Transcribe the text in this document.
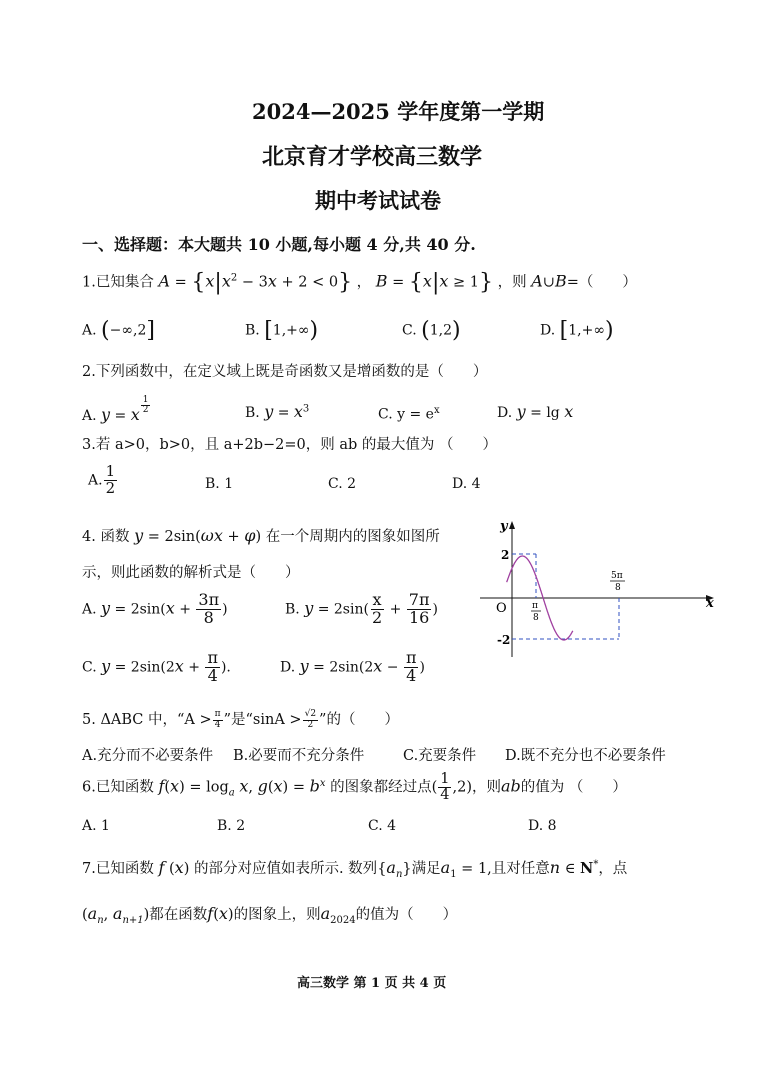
2024—2025 学年度第一学期
北京育才学校高三数学
期中考试试卷
一、选择题：本大题共 10 小题,每小题 4 分,共 40 分.
1.已知集合 $A = \{x|x^2 - 3x + 2 < 0\}$ ， B = {x|x ≥ 1} ，则 A∪B=（　　）
A. (−∞,2]	B. [1,+∞)	C. (1,2)	D. [1,+∞)
2.下列函数中，在定义域上既是奇函数又是增函数的是（　　）
A. y = x $^{\frac{1}{2}}$	B. $y = x^3$	C. $y = e^x$	D. y = lg x
3.若 a>0，b>0，且 a+2b−2=0，则 ab 的最大值为 （　　）
A. $\frac{1}{2}$	B. 1	C. 2	D. 4
4. 函数 y = 2sin(ωx + φ) 在一个周期内的图象如图所
示，则此函数的解析式是（　　）
A. $y = 2\sin(x + \frac{3\pi}{8}$ )	B. $y = 2\sin( \frac{x}{2} + \frac{7\pi}{16}$ )
C. $y = 2\sin(2x + \frac{\pi}{4}$ ).	D. $y = 2\sin(2x - \frac{\pi}{4}$ )
y
x
O
2
-2
π
8
5π
8
5. ΔABC 中，“$A > \frac{\pi}{4}$ ”是“$\sin A > \frac{√2}{2}$ ”的（　　）
A.充分而不必要条件 B.必要而不充分条件	C.充要条件 D.既不充分也不必要条件
6.已知函数 $f(x) = \log_a x$, $g(x) = b^x$ 的图象都经过点( $\frac{1}{4} ,2$)，则ab的值为 （　　）
A. 1	B. 2	C. 4	D. 8
7.已知函数 f (x) 的部分对应值如表所示. 数列$\{a_n\}$满足$a_1 = 1$,且对任意n ∈ N*，点
($a_n$, $a_{n+1}$)都在函数f(x)的图象上，则$a_{2024}$的值为（　　）
高三数学 第 1 页 共 4 页
